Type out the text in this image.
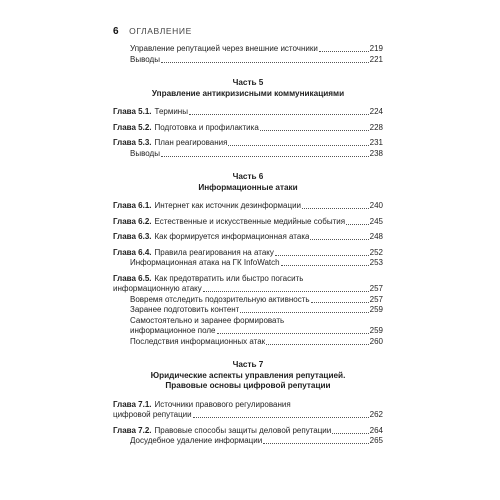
6 ОГЛАВЛЕНИЕ
Управление репутацией через внешние источники	219
Выводы	221
Часть 5
Управление антикризисными коммуникациями
Глава 5.1. Термины	224
Глава 5.2. Подготовка и профилактика	228
Глава 5.3. План реагирования	231
Выводы	238
Часть 6
Информационные атаки
Глава 6.1. Интернет как источник дезинформации	240
Глава 6.2. Естественные и искусственные медийные события	245
Глава 6.3. Как формируется информационная атака	248
Глава 6.4. Правила реагирования на атаку	252
Информационная атака на ГК InfoWatch	253
Глава 6.5. Как предотвратить или быстро погасить
информационную атаку	257
Вовремя отследить подозрительную активность	257
Заранее подготовить контент	259
Самостоятельно и заранее формировать
информационное поле	259
Последствия информационных атак	260
Часть 7
Юридические аспекты управления репутацией.
Правовые основы цифровой репутации
Глава 7.1. Источники правового регулирования
цифровой репутации	262
Глава 7.2. Правовые способы защиты деловой репутации	264
Досудебное удаление информации	265
